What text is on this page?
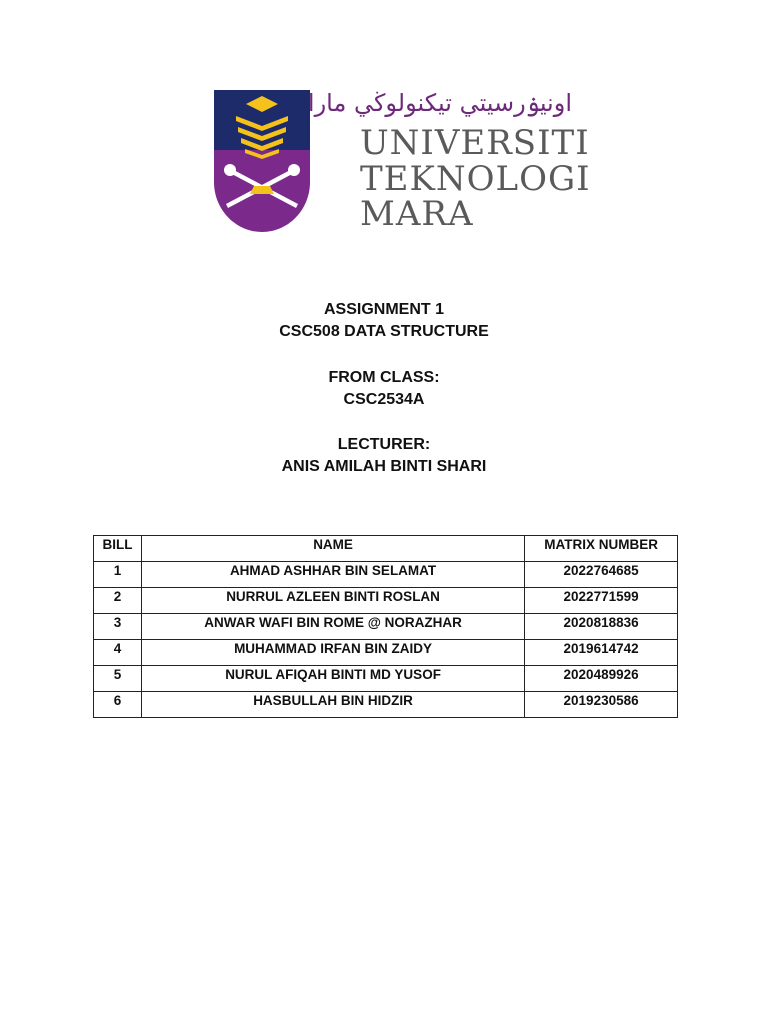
اونيۏرسيتي تيكنولوڬي مارا
UNIVERSITI
TEKNOLOGI
MARA
ASSIGNMENT 1
CSC508 DATA STRUCTURE
FROM CLASS:
CSC2534A
LECTURER:
ANIS AMILAH BINTI SHARI
BILL	NAME	MATRIX NUMBER
1	AHMAD ASHHAR BIN SELAMAT	2022764685
2	NURRUL AZLEEN BINTI ROSLAN	2022771599
3	ANWAR WAFI BIN ROME @ NORAZHAR	2020818836
4	MUHAMMAD IRFAN BIN ZAIDY	2019614742
5	NURUL AFIQAH BINTI MD YUSOF	2020489926
6	HASBULLAH BIN HIDZIR	2019230586
